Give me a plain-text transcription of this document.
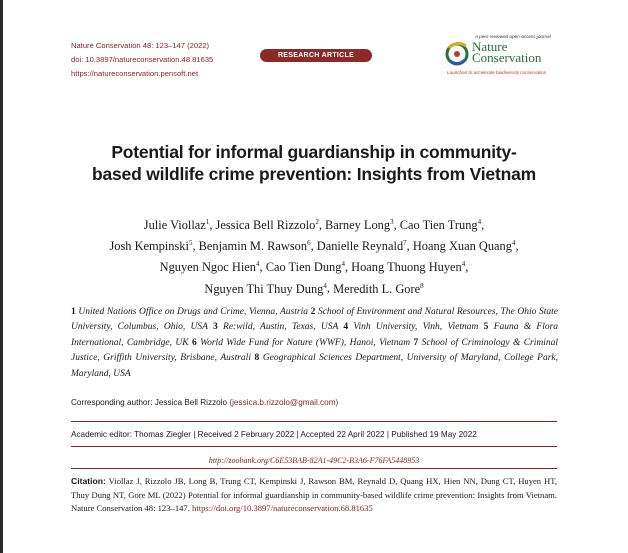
Nature Conservation 48: 123–147 (2022)
doi: 10.3897/natureconservation.48.81635
https://natureconservation.pensoft.net
RESEARCH ARTICLE
A peer-reviewed open-access journal
Nature
Conservation
Launched to accelerate biodiversity conservation
Potential for informal guardianship in community-
based wildlife crime prevention: Insights from Vietnam
Julie Viollaz$^1$, Jessica Bell Rizzolo$^2$, Barney Long$^3$, Cao Tien Trung$^4$,
Josh Kempinski$^5$, Benjamin M. Rawson$^6$, Danielle Reynald$^7$, Hoang Xuan Quang$^4$,
Nguyen Ngoc Hien$^4$, Cao Tien Dung$^4$, Hoang Thuong Huyen$^4$,
Nguyen Thi Thuy Dung$^4$, Meredith L. Gore$^8$
1 United Nations Office on Drugs and Crime, Vienna, Austria 2 School of Environment and Natural Resources, The Ohio State University, Columbus, Ohio, USA 3 Re:wild, Austin, Texas, USA 4 Vinh University, Vinh, Vietnam 5 Fauna & Flora International, Cambridge, UK 6 World Wide Fund for Nature (WWF), Hanoi, Vietnam 7 School of Criminology & Criminal Justice, Griffith University, Brisbane, Australi 8 Geographical Sciences Department, University of Maryland, College Park, Maryland, USA
Corresponding author: Jessica Bell Rizzolo (jessica.b.rizzolo@gmail.com)
Academic editor: Thomas Ziegler | Received 2 February 2022 | Accepted 22 April 2022 | Published 19 May 2022
http://zoobank.org/C6E53BAB-82A1-49C2-B3A6-F76FA5448953
Citation: Viollaz J, Rizzolo JB, Long B, Trung CT, Kempinski J, Rawson BM, Reynald D, Quang HX, Hien NN, Dung CT, Huyen HT, Thuy Dung NT, Gore ML (2022) Potential for informal guardianship in community-based wildlife crime prevention: Insights from Vietnam. Nature Conservation 48: 123–147. https://doi.org/10.3897/natureconservation.68.81635
